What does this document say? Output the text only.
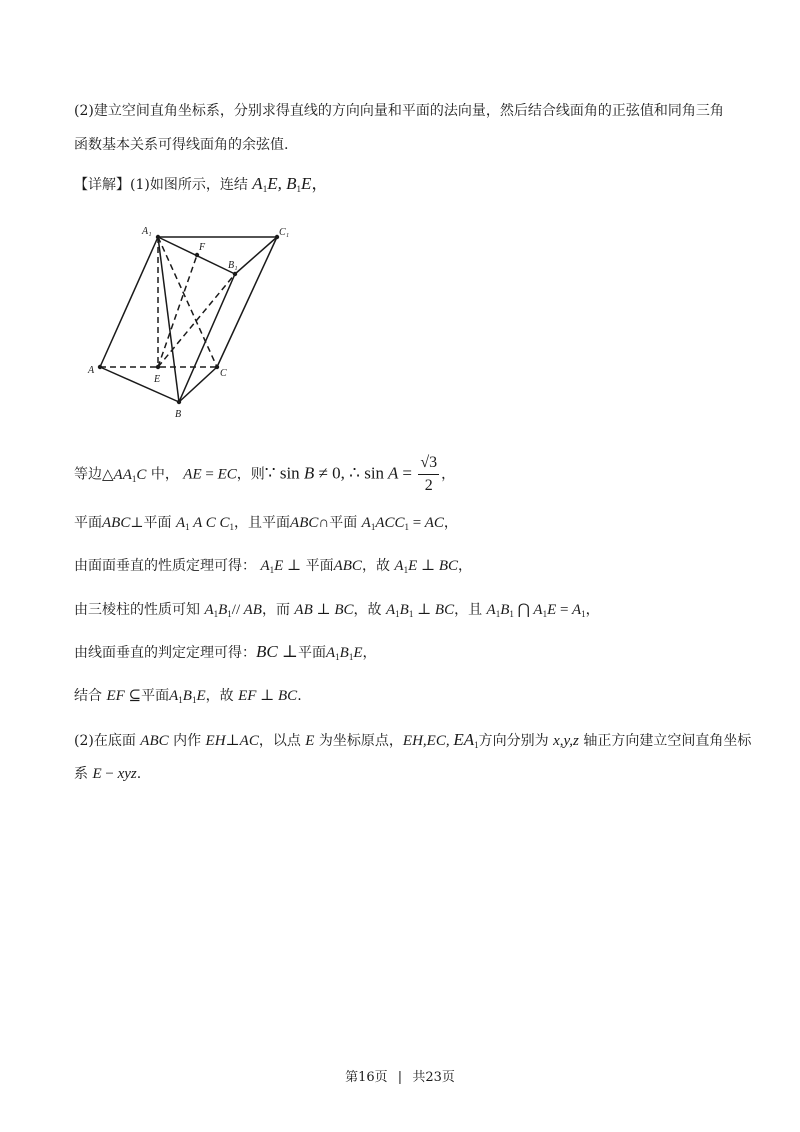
(2)建立空间直角坐标系，分别求得直线的方向向量和平面的法向量，然后结合线面角的正弦值和同角三角
函数基本关系可得线面角的余弦值.
【详解】(1)如图所示，连结 $A_1E$, $B_1E$，
A₁	C₁
F
B₁
A
E
C
B
等边$\triangle AA_1C$ 中， AE = EC，则∵ sin B ≠ 0, ∴ $\sin A = \frac{√3}{2}$ ，
平面ABC⊥平面 $A_1$ A C $C_1$，且平面ABC∩平面 $A_1ACC_1$ = AC，
由面面垂直的性质定理可得： $A_1E$ ⊥ 平面ABC，故 $A_1E$ ⊥ BC，
由三棱柱的性质可知 $A_1B_1//$ AB，而 AB ⊥ BC，故 $A_1B_1$ ⊥ BC，且 $A_1B_1$ ⋂ $A_1E = A_1$，
由线面垂直的判定定理可得：BC ⊥平面$A_1B_1E$，
结合 EF ⊆平面$A_1B_1E$，故 EF ⊥ BC.
(2)在底面 ABC 内作 EH⊥AC，以点 E 为坐标原点，EH,EC, $EA_1$方向分别为 x,y,z 轴正方向建立空间直角坐标
系 E − xyz.
第16页 | 共23页
